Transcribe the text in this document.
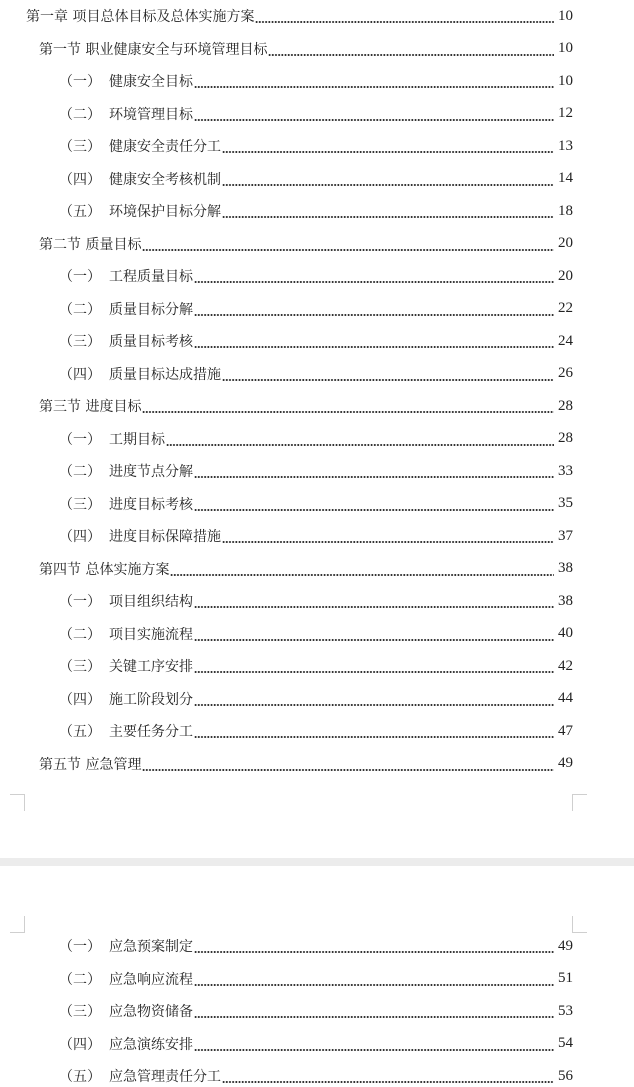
第一章 项目总体目标及总体实施方案	10
第一节 职业健康安全与环境管理目标	10
（一） 健康安全目标	10
（二） 环境管理目标	12
（三） 健康安全责任分工	13
（四） 健康安全考核机制	14
（五） 环境保护目标分解	18
第二节 质量目标	20
（一） 工程质量目标	20
（二） 质量目标分解	22
（三） 质量目标考核	24
（四） 质量目标达成措施	26
第三节 进度目标	28
（一） 工期目标	28
（二） 进度节点分解	33
（三） 进度目标考核	35
（四） 进度目标保障措施	37
第四节 总体实施方案	38
（一） 项目组织结构	38
（二） 项目实施流程	40
（三） 关键工序安排	42
（四） 施工阶段划分	44
（五） 主要任务分工	47
第五节 应急管理	49
（一） 应急预案制定	49
（二） 应急响应流程	51
（三） 应急物资储备	53
（四） 应急演练安排	54
（五） 应急管理责任分工	56
